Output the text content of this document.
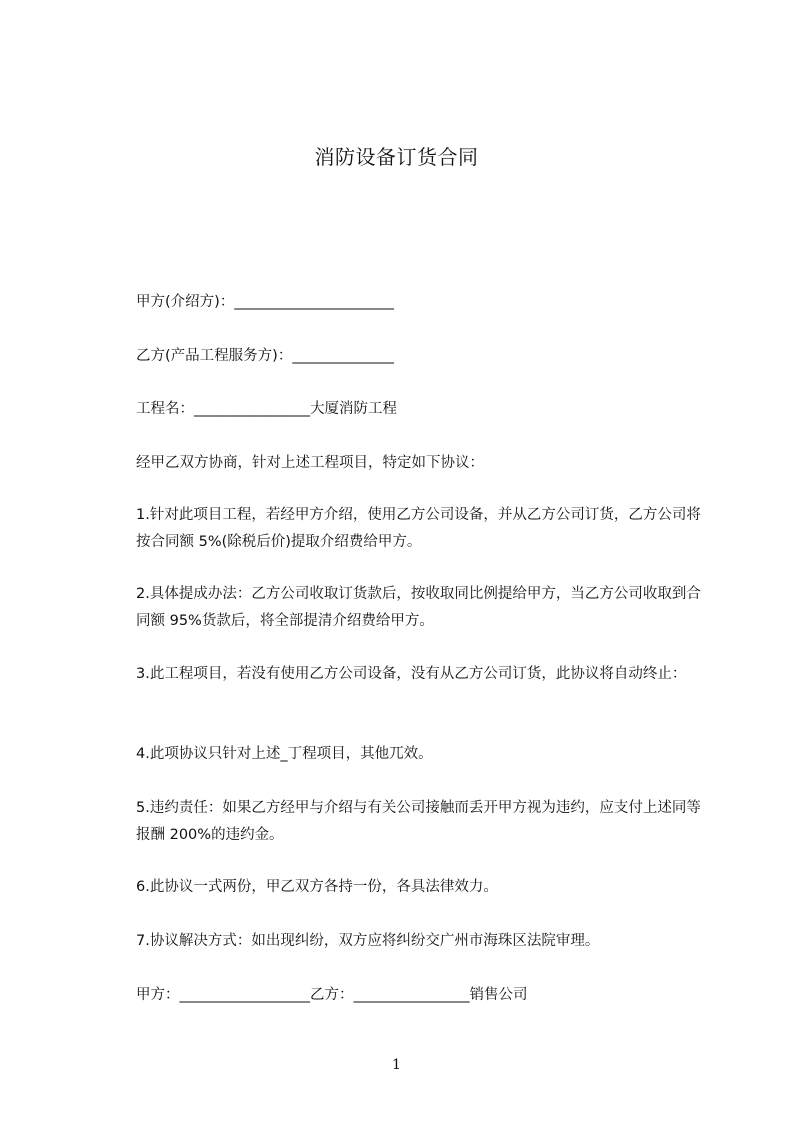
消防设备订货合同
甲方(介绍方)：______________________
乙方(产品工程服务方)：______________
工程名：________________大厦消防工程
经甲乙双方协商，针对上述工程项目，特定如下协议：
1.针对此项目工程，若经甲方介绍，使用乙方公司设备，并从乙方公司订货，乙方公司将按合同额 5%(除税后价)提取介绍费给甲方。
2.具体提成办法：乙方公司收取订货款后，按收取同比例提给甲方，当乙方公司收取到合同额 95%货款后，将全部提清介绍费给甲方。
3.此工程项目，若没有使用乙方公司设备，没有从乙方公司订货，此协议将自动终止：
4.此项协议只针对上述_丁程项目，其他兀效。
5.违约责任：如果乙方经甲与介绍与有关公司接触而丢开甲方视为违约，应支付上述同等报酬 200%的违约金。
6.此协议一式两份，甲乙双方各持一份，各具法律效力。
7.协议解决方式：如出现纠纷，双方应将纠纷交广州市海珠区法院审理。
甲方：__________________乙方：________________销售公司
1
